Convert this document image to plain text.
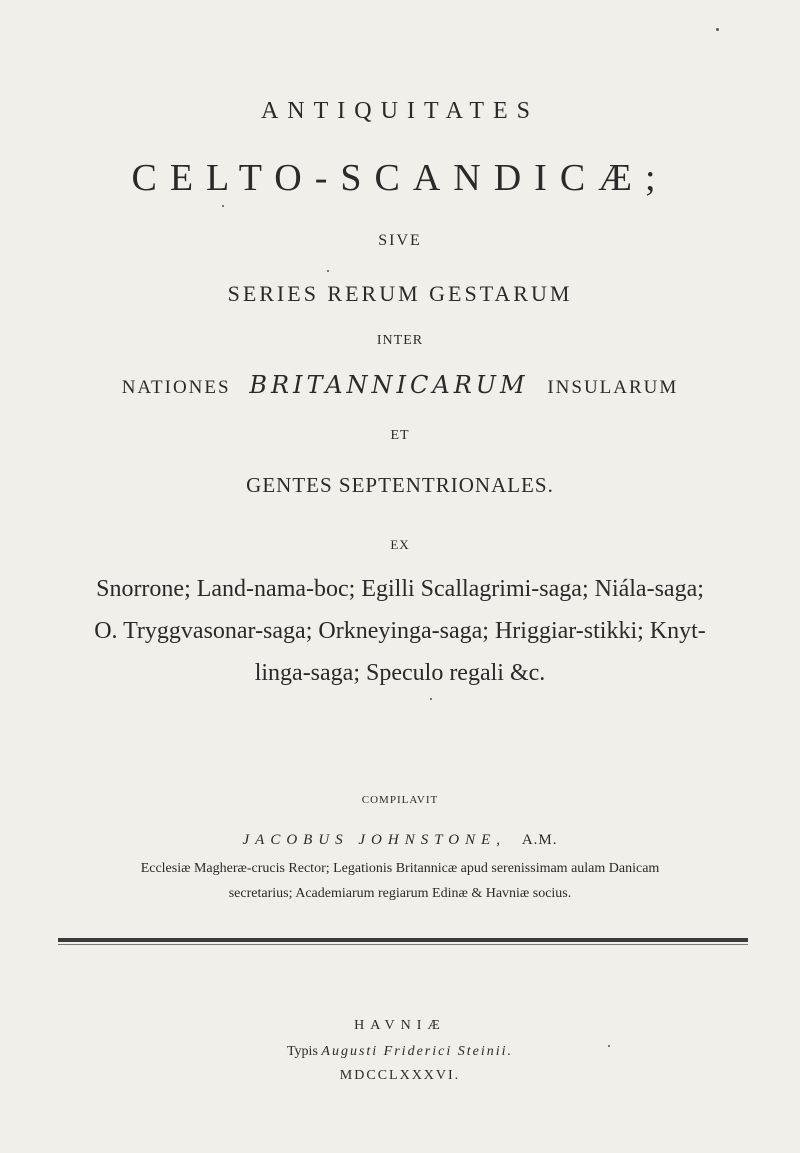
ANTIQUITATES
CELTO-SCANDICÆ;
SIVE
SERIES RERUM GESTARUM
INTER
NATIONES BRITANNICARUM INSULARUM
ET
GENTES SEPTENTRIONALES.
EX
Snorrone; Land-nama-boc; Egilli Scallagrimi-saga; Niála-saga;
O. Tryggvasonar-saga; Orkneyinga-saga; Hriggiar-stikki; Knyt-
linga-saga; Speculo regali &c.
COMPILAVIT
JACOBUS JOHNSTONE, A.M.
Ecclesiæ Magheræ-crucis Rector; Legationis Britannicæ apud serenissimam aulam Danicam
secretarius; Academiarum regiarum Edinæ & Havniæ socius.
HAVNIÆ
Typis Augusti Friderici Steinii.
MDCCLXXXVI.
